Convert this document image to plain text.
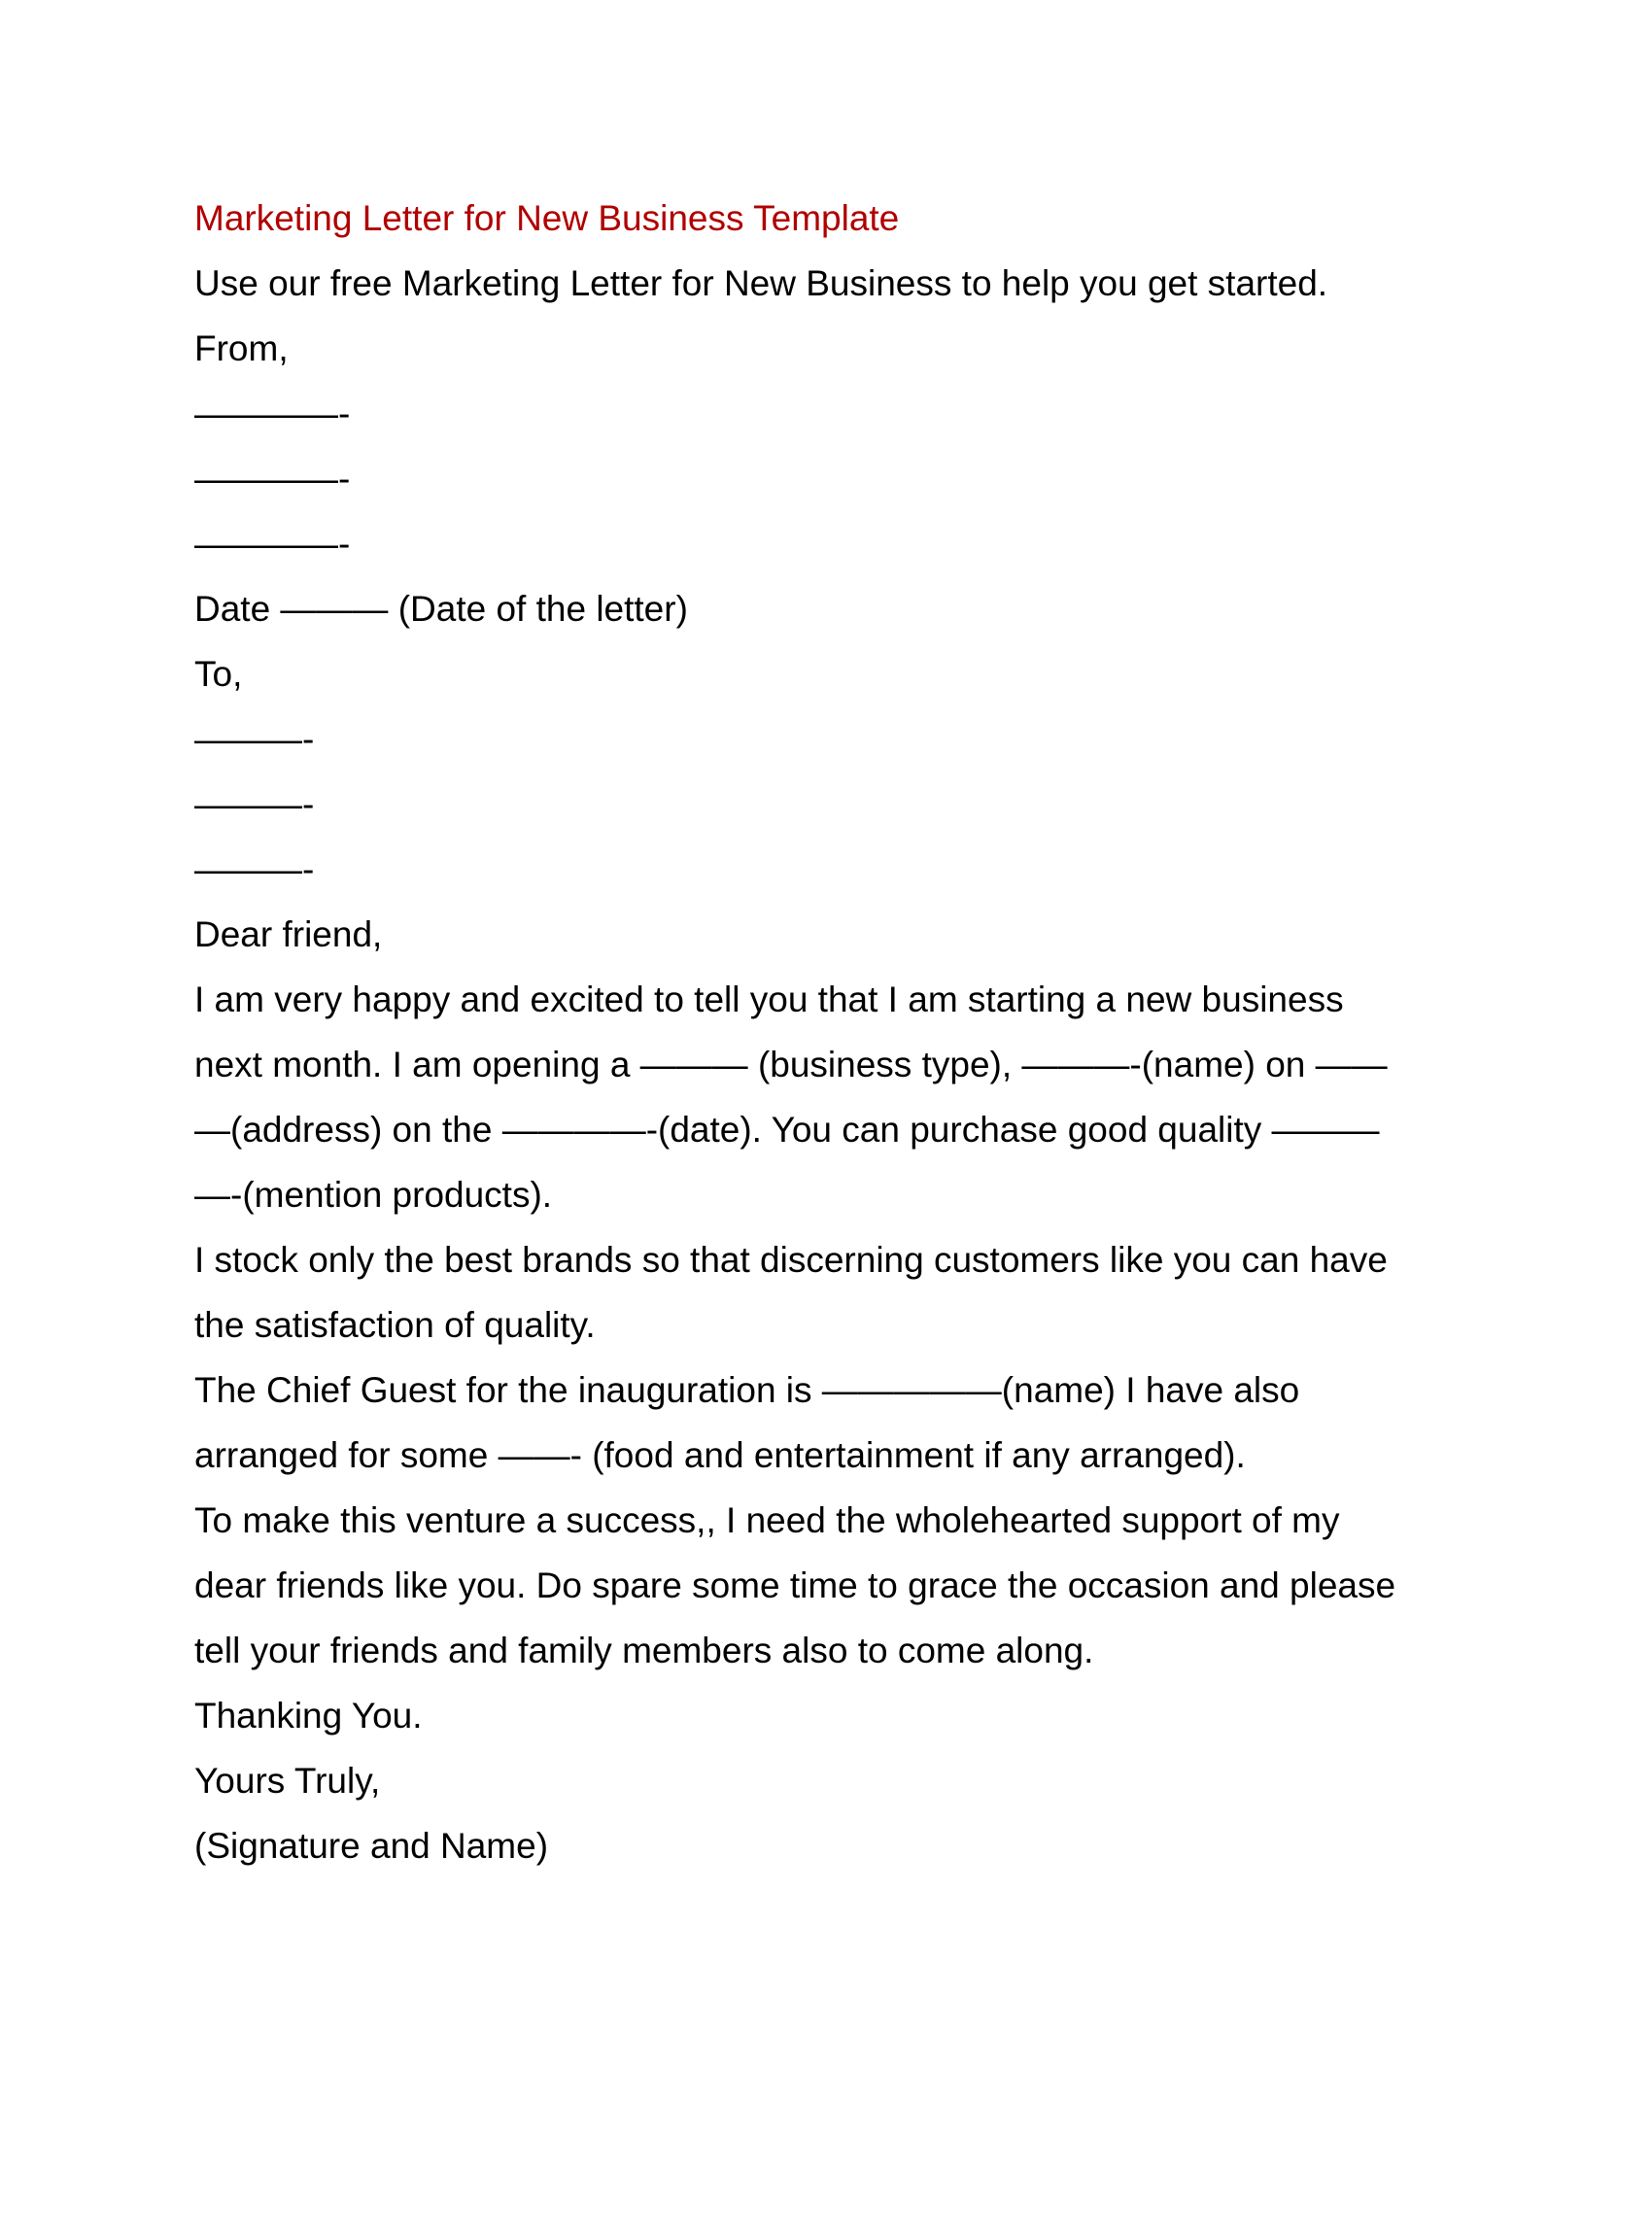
Marketing Letter for New Business Template
Use our free Marketing Letter for New Business to help you get started.
From,
————-
————-
————-
Date ——— (Date of the letter)
To,
———-
———-
———-
Dear friend,
I am very happy and excited to tell you that I am starting a new business
next month. I am opening a ——— (business type), ———-(name) on ——
—(address) on the ————-(date). You can purchase good quality ———
—-(mention products).
I stock only the best brands so that discerning customers like you can have
the satisfaction of quality.
The Chief Guest for the inauguration is —————(name) I have also
arranged for some ——- (food and entertainment if any arranged).
To make this venture a success,, I need the wholehearted support of my
dear friends like you. Do spare some time to grace the occasion and please
tell your friends and family members also to come along.
Thanking You.
Yours Truly,
(Signature and Name)
